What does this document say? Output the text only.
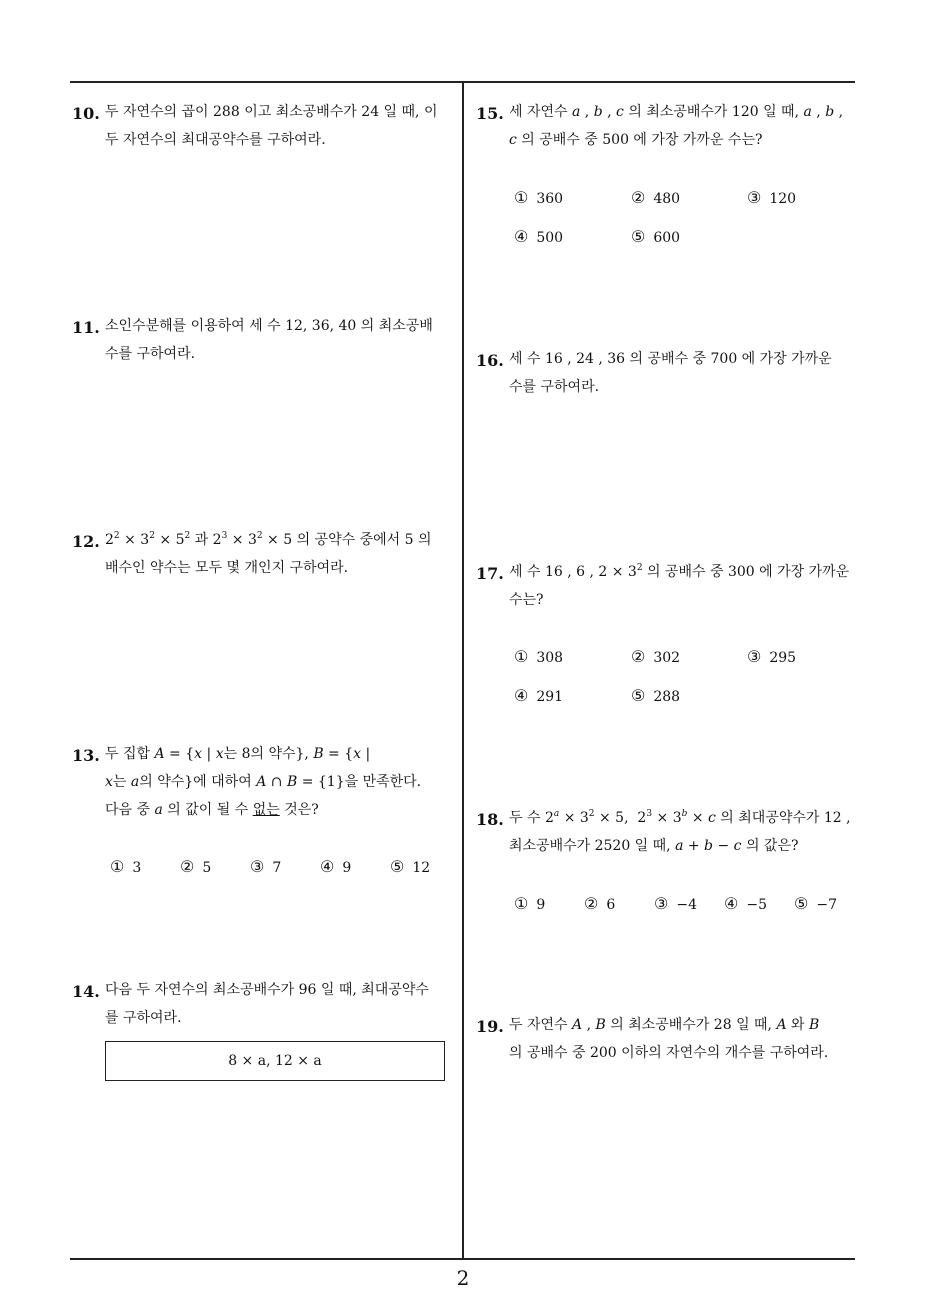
10. 두 자연수의 곱이 288 이고 최소공배수가 24 일 때, 이
두 자연수의 최대공약수를 구하여라.

11. 소인수분해를 이용하여 세 수 12, 36, 40 의 최소공배
수를 구하여라.

12. $2^2 \times 3^2 \times 5^2$ 과 $2^3 \times 3^2 \times 5$ 의 공약수 중에서 5 의
배수인 약수는 모두 몇 개인지 구하여라.

13. 두 집합 A = {x | x는 8의 약수}, B = {x |
x는 a의 약수}에 대하여 A ∩ B = {1}을 만족한다.
다음 중 a 의 값이 될 수 없는 것은?

① 3 ② 5 ③ 7 ④ 9 ⑤ 12
14. 다음 두 자연수의 최소공배수가 96 일 때, 최대공약수
를 구하여라.

8 × a, 12 × a
15. 세 자연수 a , b , c 의 최소공배수가 120 일 때, a , b ,
c 의 공배수 중 500 에 가장 가까운 수는?

① 360	② 480	③ 120
④ 500	⑤ 600
16. 세 수 16 , 24 , 36 의 공배수 중 700 에 가장 가까운
수를 구하여라.

17. 세 수 16 , 6 , $2 \times 3^2$ 의 공배수 중 300 에 가장 가까운
수는?

① 308	② 302	③ 295
④ 291	⑤ 288
18. 두 수 $2^a \times 3^2 \times 5$,  $2^3 \times 3^b \times c$ 의 최대공약수가 12 ,
최소공배수가 2520 일 때, a + b − c 의 값은?

① 9 ② 6 ③ −4 ④ −5 ⑤ −7
19. 두 자연수 A , B 의 최소공배수가 28 일 때, A 와 B
의 공배수 중 200 이하의 자연수의 개수를 구하여라.

2
